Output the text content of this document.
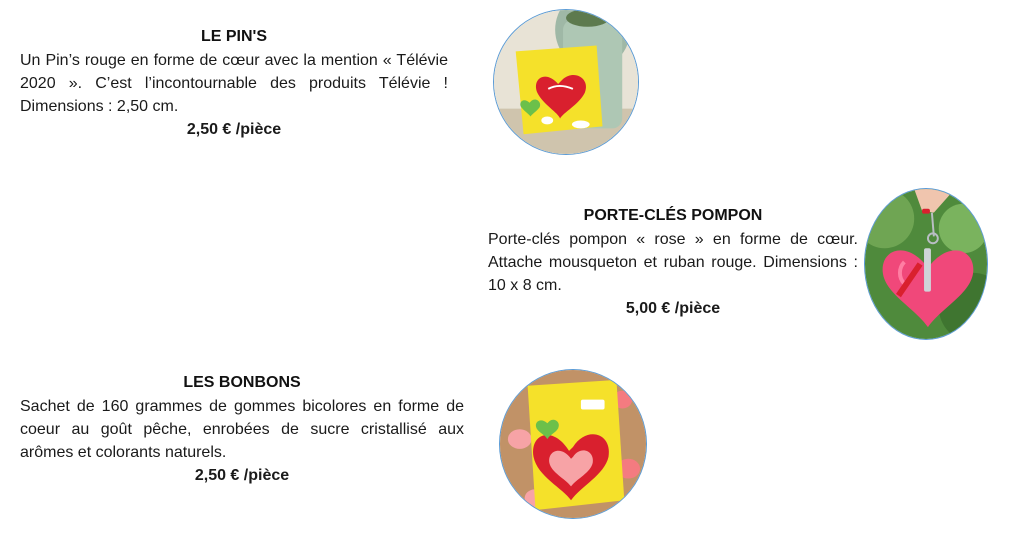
LE PIN'S

Un Pin’s rouge en forme de cœur avec la mention « Télévie 2020 ». C’est l’incontournable des produits Télévie ! Dimensions : 2,50 cm.

2,50 € /pièce
PORTE-CLÉS POMPON

Porte-clés pompon « rose » en forme de cœur. Attache mousqueton et ruban rouge. Dimensions : 10 x 8 cm.

5,00 € /pièce
LES BONBONS

Sachet de 160 grammes de gommes bicolores en forme de coeur au goût pêche, enrobées de sucre cristallisé aux arômes et colorants naturels.

2,50 € /pièce
